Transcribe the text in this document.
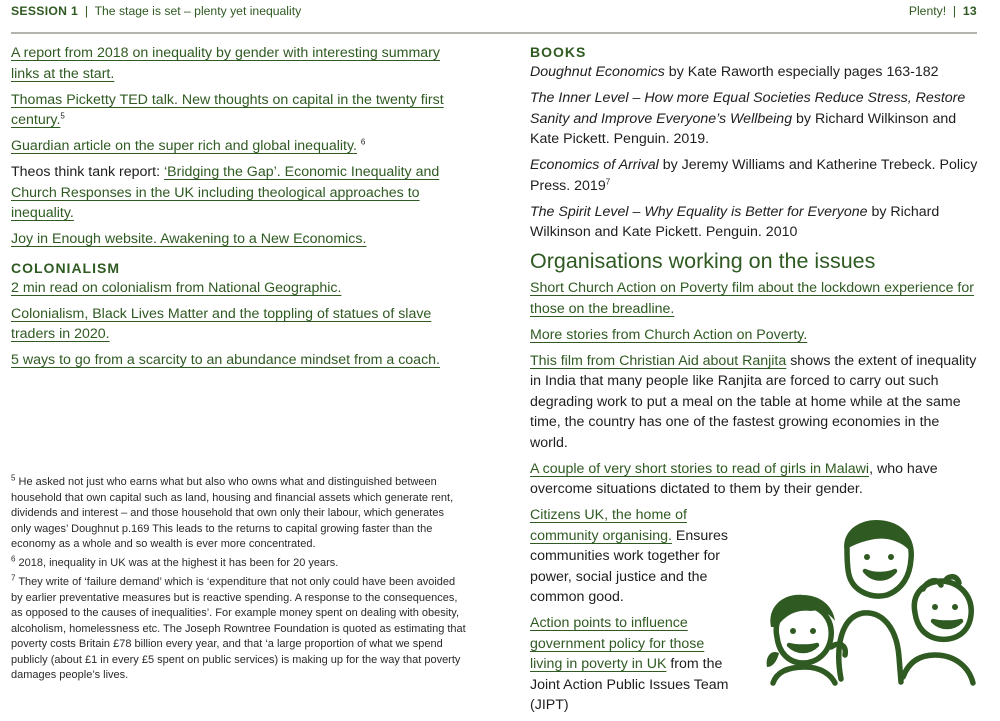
SESSION 1 | The stage is set – plenty yet inequality	Plenty! | 13

A report from 2018 on inequality by gender with interesting summary links at the start.

Thomas Picketty TED talk. New thoughts on capital in the twenty first century.$^5$

Guardian article on the super rich and global inequality. $^6$

Theos think tank report: ‘Bridging the Gap’. Economic Inequality and Church Responses in the UK including theological approaches to inequality.

Joy in Enough website. Awakening to a New Economics.

COLONIALISM

2 min read on colonialism from National Geographic.

Colonialism, Black Lives Matter and the toppling of statues of slave traders in 2020.

5 ways to go from a scarcity to an abundance mindset from a coach.

$^5$ He asked not just who earns what but also who owns what and distinguished between household that own capital such as land, housing and financial assets which generate rent, dividends and interest – and those household that own only their labour, which generates only wages’ Doughnut p.169 This leads to the returns to capital growing faster than the economy as a whole and so wealth is ever more concentrated.

$^6$ 2018, inequality in UK was at the highest it has been for 20 years.

$^7$ They write of ‘failure demand’ which is ‘expenditure that not only could have been avoided by earlier preventative measures but is reactive spending. A response to the consequences, as opposed to the causes of inequalities’. For example money spent on dealing with obesity, alcoholism, homelessness etc. The Joseph Rowntree Foundation is quoted as estimating that poverty costs Britain £78 billion every year, and that ‘a large proportion of what we spend publicly (about £1 in every £5 spent on public services) is making up for the way that poverty damages people’s lives.

BOOKS

Doughnut Economics by Kate Raworth especially pages 163-182

The Inner Level – How more Equal Societies Reduce Stress, Restore Sanity and Improve Everyone’s Wellbeing by Richard Wilkinson and Kate Pickett. Penguin. 2019.

Economics of Arrival by Jeremy Williams and Katherine Trebeck. Policy Press. 2019$^7$

The Spirit Level – Why Equality is Better for Everyone by Richard Wilkinson and Kate Pickett. Penguin. 2010

Organisations working on the issues

Short Church Action on Poverty film about the lockdown experience for those on the breadline.

More stories from Church Action on Poverty.

This film from Christian Aid about Ranjita shows the extent of inequality in India that many people like Ranjita are forced to carry out such degrading work to put a meal on the table at home while at the same time, the country has one of the fastest growing economies in the world.

A couple of very short stories to read of girls in Malawi, who have overcome situations dictated to them by their gender.

Citizens UK, the home of community organising. Ensures communities work together for power, social justice and the common good.

Action points to influence government policy for those living in poverty in UK from the Joint Action Public Issues Team (JIPT)
